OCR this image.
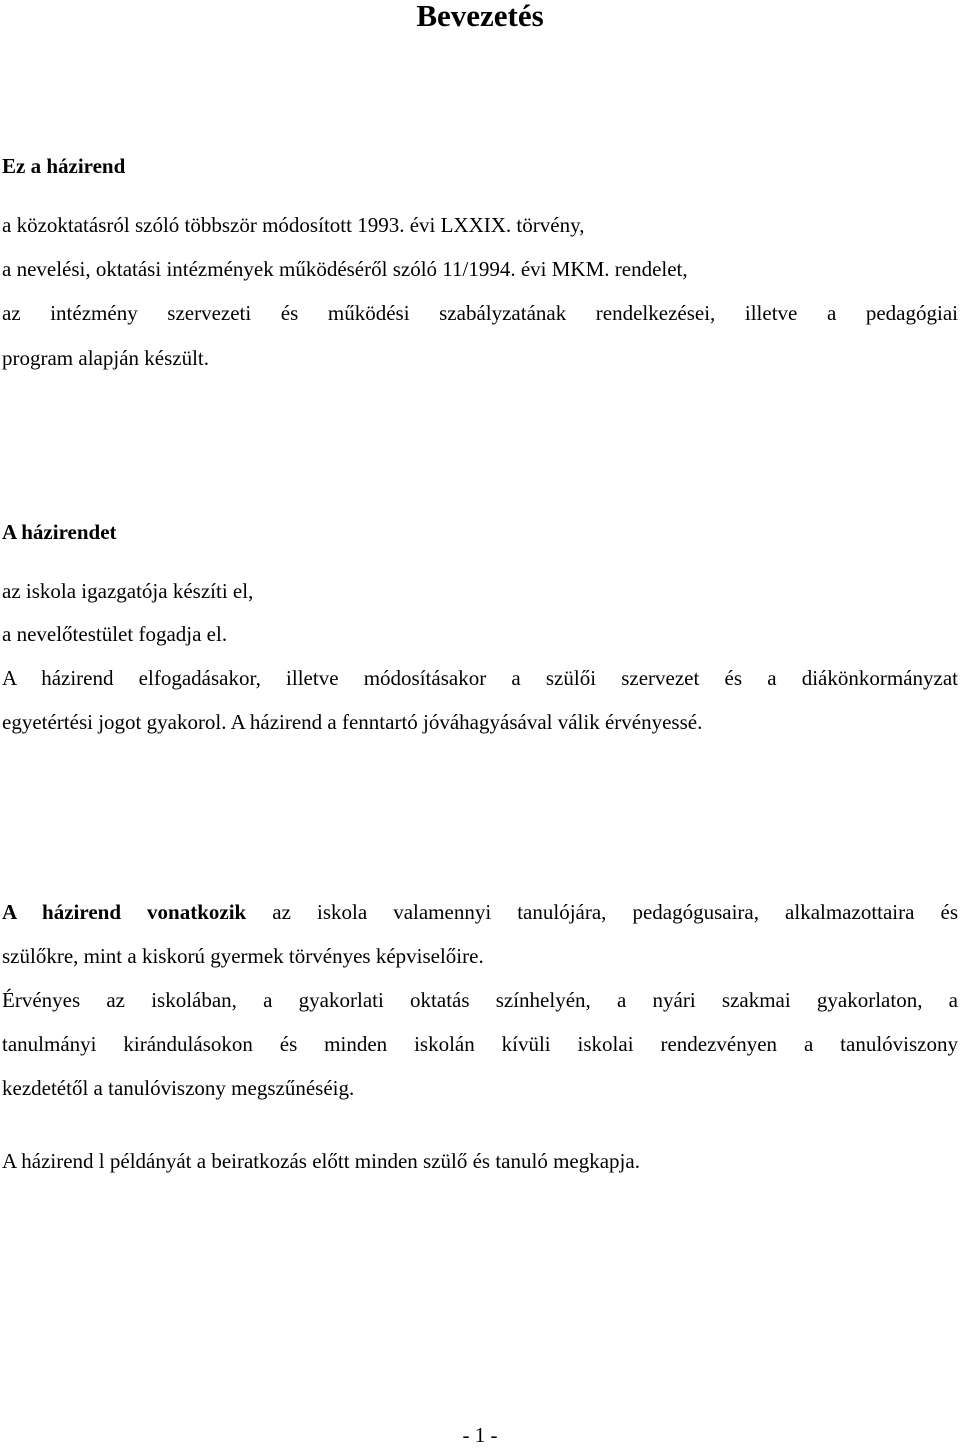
Bevezetés
Ez a házirend
a közoktatásról szóló többször módosított 1993. évi LXXIX. törvény,
a nevelési, oktatási intézmények működéséről szóló 11/1994. évi MKM. rendelet,
az intézmény szervezeti és működési szabályzatának rendelkezései, illetve a pedagógiai
program alapján készült.
A házirendet
az iskola igazgatója készíti el,
a nevelőtestület fogadja el.
A házirend elfogadásakor, illetve módosításakor a szülői szervezet és a diákönkormányzat
egyetértési jogot gyakorol. A házirend a fenntartó jóváhagyásával válik érvényessé.
A házirend vonatkozik az iskola valamennyi tanulójára, pedagógusaira, alkalmazottaira és
szülőkre, mint a kiskorú gyermek törvényes képviselőire.
Érvényes az iskolában, a gyakorlati oktatás színhelyén, a nyári szakmai gyakorlaton, a
tanulmányi kirándulásokon és minden iskolán kívüli iskolai rendezvényen a tanulóviszony
kezdetétől a tanulóviszony megszűnéséig.
A házirend l példányát a beiratkozás előtt minden szülő és tanuló megkapja.
- 1 -
